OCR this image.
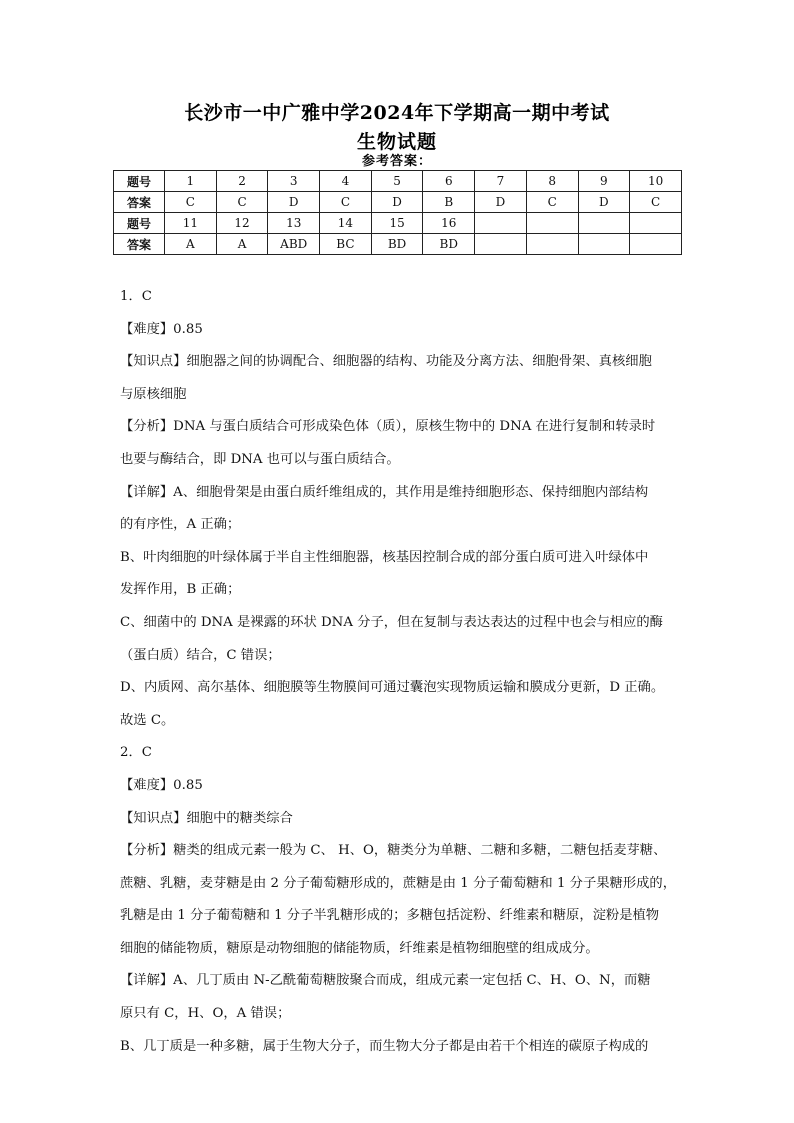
长沙市一中广雅中学2024年下学期高一期中考试
生物试题
参考答案：
题号	1	2	3	4	5	6	7	8	9	10
答案	C	C	D	C	D	B	D	C	D	C
题号	11	12	13	14	15	16				
答案	A	A	ABD	BC	BD	BD				

1．C

【难度】0.85

【知识点】细胞器之间的协调配合、细胞器的结构、功能及分离方法、细胞骨架、真核细胞

与原核细胞

【分析】DNA 与蛋白质结合可形成染色体（质），原核生物中的 DNA 在进行复制和转录时

也要与酶结合，即 DNA 也可以与蛋白质结合。

【详解】A、细胞骨架是由蛋白质纤维组成的，其作用是维持细胞形态、保持细胞内部结构

的有序性，A 正确；

B、叶肉细胞的叶绿体属于半自主性细胞器，核基因控制合成的部分蛋白质可进入叶绿体中

发挥作用，B 正确；

C、细菌中的 DNA 是裸露的环状 DNA 分子，但在复制与表达表达的过程中也会与相应的酶

（蛋白质）结合，C 错误；

D、内质网、高尔基体、细胞膜等生物膜间可通过囊泡实现物质运输和膜成分更新，D 正确。

故选 C。

2．C

【难度】0.85

【知识点】细胞中的糖类综合

【分析】糖类的组成元素一般为 C、 H、O，糖类分为单糖、二糖和多糖，二糖包括麦芽糖、

蔗糖、乳糖，麦芽糖是由 2 分子葡萄糖形成的，蔗糖是由 1 分子葡萄糖和 1 分子果糖形成的，

乳糖是由 1 分子葡萄糖和 1 分子半乳糖形成的；多糖包括淀粉、纤维素和糖原，淀粉是植物

细胞的储能物质，糖原是动物细胞的储能物质，纤维素是植物细胞壁的组成成分。

【详解】A、几丁质由 N-乙酰葡萄糖胺聚合而成，组成元素一定包括 C、H、O、N，而糖

原只有 C，H、O，A 错误；

B、几丁质是一种多糖，属于生物大分子，而生物大分子都是由若干个相连的碳原子构成的
